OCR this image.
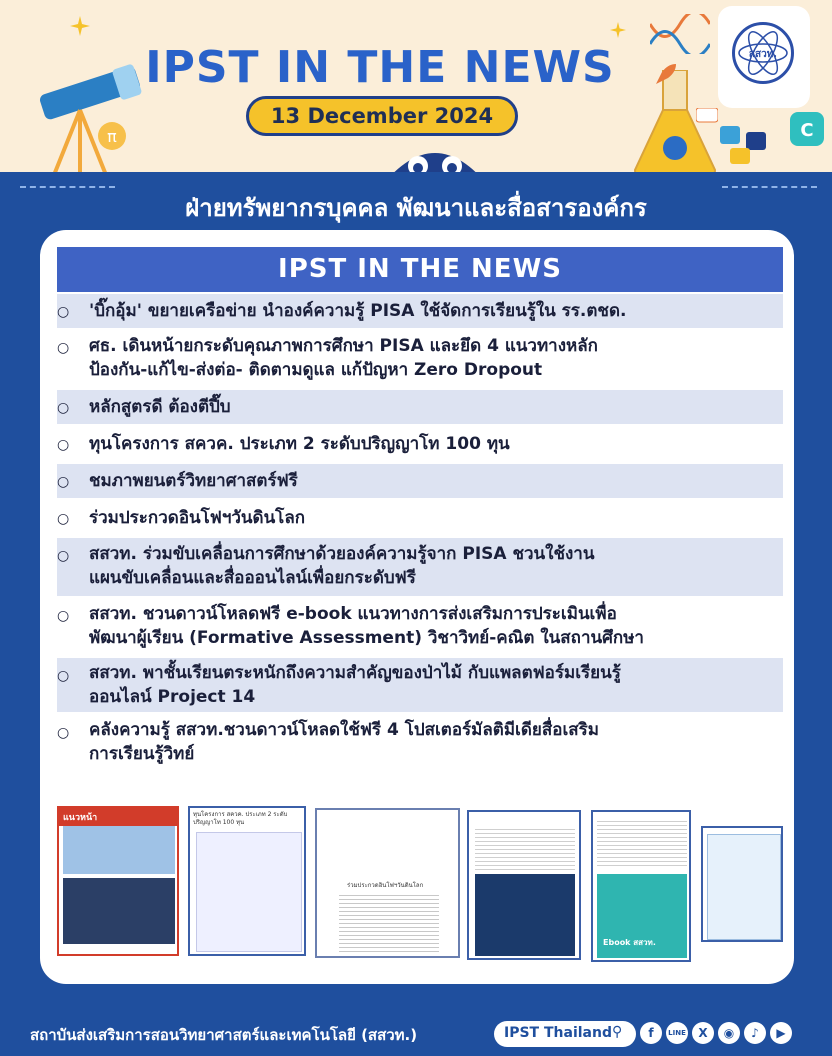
π	C
IPST IN THE NEWS
13 December 2024
สสวท.
ฝ่ายทรัพยากรบุคคล พัฒนาและสื่อสารองค์กร
IPST IN THE NEWS
○ 'บิ๊กอุ้ม' ขยายเครือข่าย นำองค์ความรู้ PISA ใช้จัดการเรียนรู้ใน รร.ตชด.
○ ศธ. เดินหน้ายกระดับคุณภาพการศึกษา PISA และยึด 4 แนวทางหลัก
ป้องกัน-แก้ไข-ส่งต่อ- ติดตามดูแล แก้ปัญหา Zero Dropout
○ หลักสูตรดี ต้องตีปี๊บ
○ ทุนโครงการ สควค. ประเภท 2 ระดับปริญญาโท 100 ทุน
○ ชมภาพยนตร์วิทยาศาสตร์ฟรี
○ ร่วมประกวดอินโฟฯวันดินโลก
○ สสวท. ร่วมขับเคลื่อนการศึกษาด้วยองค์ความรู้จาก PISA ชวนใช้งาน
แผนขับเคลื่อนและสื่อออนไลน์เพื่อยกระดับฟรี
○ สสวท. ชวนดาวน์โหลดฟรี e-book แนวทางการส่งเสริมการประเมินเพื่อ
พัฒนาผู้เรียน (Formative Assessment) วิชาวิทย์-คณิต ในสถานศึกษา
○ สสวท. พาชั้นเรียนตระหนักถึงความสำคัญของป่าไม้ กับแพลตฟอร์มเรียนรู้
ออนไลน์ Project 14
○ คลังความรู้ สสวท.ชวนดาวน์โหลดใช้ฟรี 4 โปสเตอร์มัลติมีเดียสื่อเสริม
การเรียนรู้วิทย์
แนวหน้า	ทุนโครงการ สควค. ประเภท 2 ระดับปริญญาโท 100 ทุน
ร่วมประกวดอินโฟฯวันดินโลก
Ebook สสวท.
สถาบันส่งเสริมการสอนวิทยาศาสตร์และเทคโนโลยี (สสวท.)	IPST Thailand ⚲	f	LINE	X	◉	♪	▶
